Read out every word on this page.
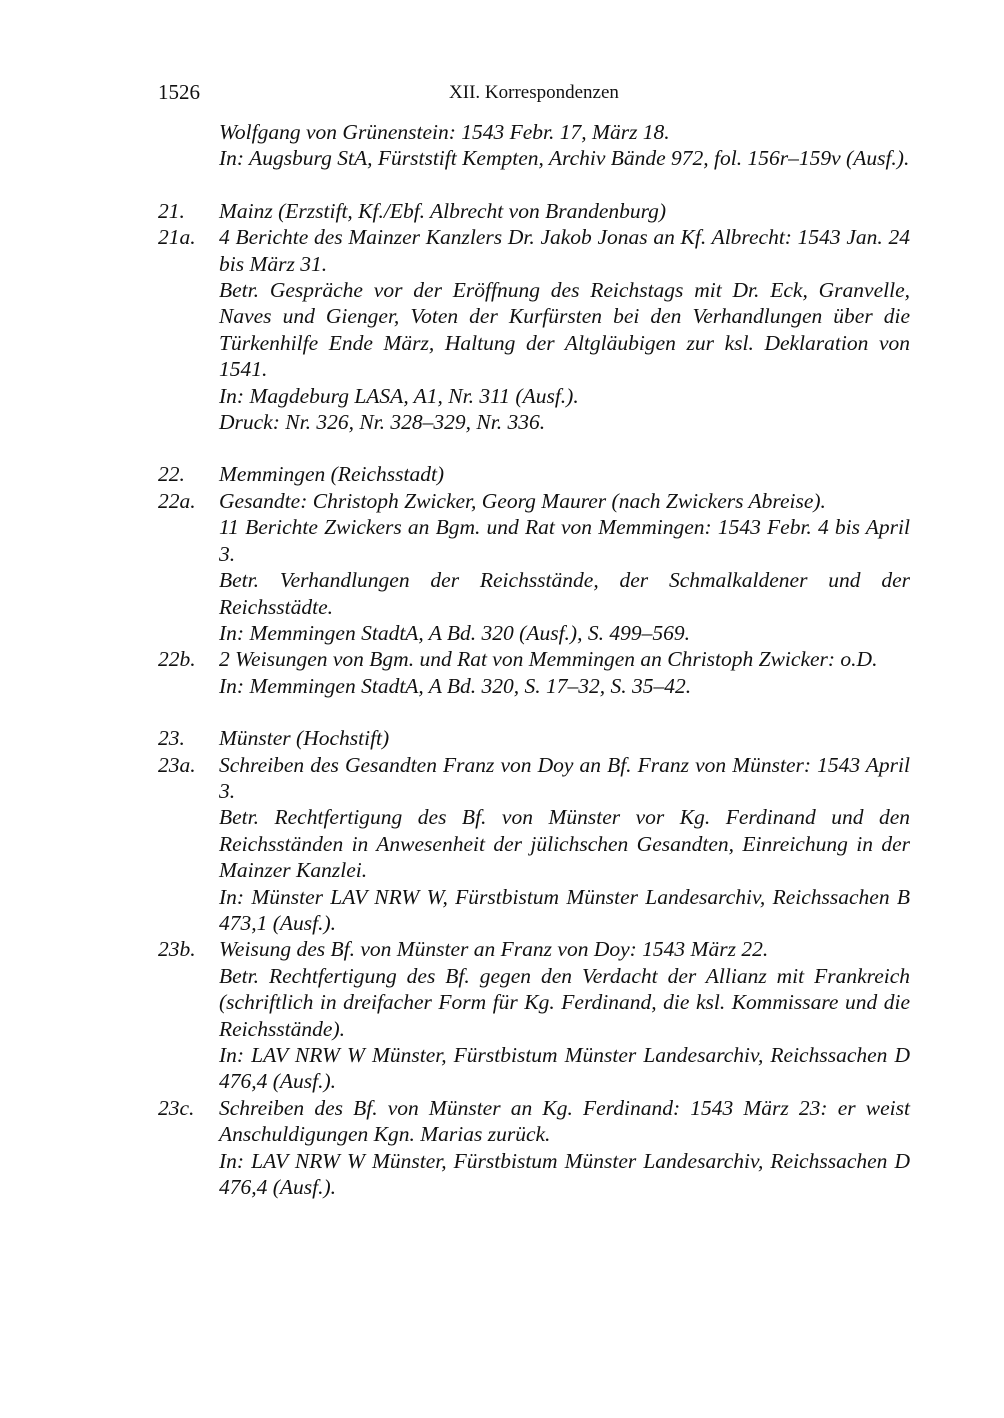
1526	XII. Korrespondenzen
Wolfgang von Grünenstein: 1543 Febr. 17, März 18.
In: Augsburg StA, Fürststift Kempten, Archiv Bände 972, fol. 156r–159v (Ausf.).
21.	Mainz (Erzstift, Kf./Ebf. Albrecht von Brandenburg)
21a.	4 Berichte des Mainzer Kanzlers Dr. Jakob Jonas an Kf. Albrecht: 1543 Jan. 24 bis März 31.
Betr. Gespräche vor der Eröffnung des Reichstags mit Dr. Eck, Granvelle, Naves und Gienger, Voten der Kurfürsten bei den Verhandlungen über die Türkenhilfe Ende März, Haltung der Altgläubigen zur ksl. Deklaration von 1541.
In: Magdeburg LASA, A1, Nr. 311 (Ausf.).
Druck: Nr. 326, Nr. 328–329, Nr. 336.
22.	Memmingen (Reichsstadt)
22a.	Gesandte: Christoph Zwicker, Georg Maurer (nach Zwickers Abreise).
11 Berichte Zwickers an Bgm. und Rat von Memmingen: 1543 Febr. 4 bis April 3.
Betr. Verhandlungen der Reichsstände, der Schmalkaldener und der Reichsstädte.
In: Memmingen StadtA, A Bd. 320 (Ausf.), S. 499–569.
22b.	2 Weisungen von Bgm. und Rat von Memmingen an Christoph Zwicker: o.D.
In: Memmingen StadtA, A Bd. 320, S. 17–32, S. 35–42.
23.	Münster (Hochstift)
23a.	Schreiben des Gesandten Franz von Doy an Bf. Franz von Münster: 1543 April 3.
Betr. Rechtfertigung des Bf. von Münster vor Kg. Ferdinand und den Reichsständen in Anwesenheit der jülichschen Gesandten, Einreichung in der Mainzer Kanzlei.
In: Münster LAV NRW W, Fürstbistum Münster Landesarchiv, Reichssachen B 473,1 (Ausf.).
23b.	Weisung des Bf. von Münster an Franz von Doy: 1543 März 22.
Betr. Rechtfertigung des Bf. gegen den Verdacht der Allianz mit Frankreich (schriftlich in dreifacher Form für Kg. Ferdinand, die ksl. Kommissare und die Reichsstände).
In: LAV NRW W Münster, Fürstbistum Münster Landesarchiv, Reichssachen D 476,4 (Ausf.).
23c.	Schreiben des Bf. von Münster an Kg. Ferdinand: 1543 März 23: er weist Anschuldigungen Kgn. Marias zurück.
In: LAV NRW W Münster, Fürstbistum Münster Landesarchiv, Reichssachen D 476,4 (Ausf.).
